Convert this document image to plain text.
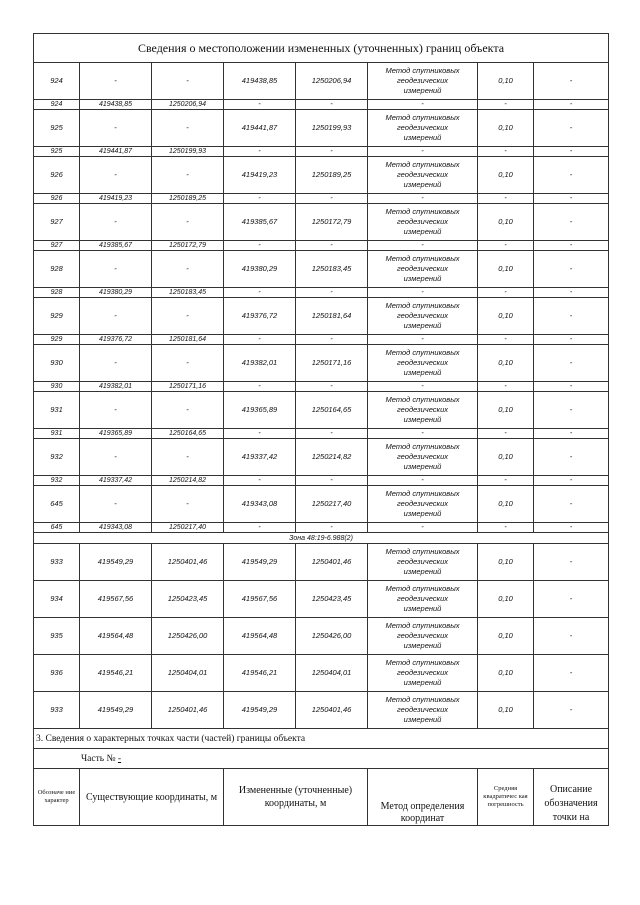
Сведения о местоположении измененных (уточненных) границ объекта							
924	-	-	419438,85	1250206,94	Метод спутниковых
геодезических
измерений	0,10	-
924	419438,85	1250206,94	-	-	-	-	-
925	-	-	419441,87	1250199,93	Метод спутниковых
геодезических
измерений	0,10	-
925	419441,87	1250199,93	-	-	-	-	-
926	-	-	419419,23	1250189,25	Метод спутниковых
геодезических
измерений	0,10	-
926	419419,23	1250189,25	-	-	-	-	-
927	-	-	419385,67	1250172,79	Метод спутниковых
геодезических
измерений	0,10	-
927	419385,67	1250172,79	-	-	-	-	-
928	-	-	419380,29	1250183,45	Метод спутниковых
геодезических
измерений	0,10	-
928	419380,29	1250183,45	-	-	-	-	-
929	-	-	419376,72	1250181,64	Метод спутниковых
геодезических
измерений	0,10	-
929	419376,72	1250181,64	-	-	-	-	-
930	-	-	419382,01	1250171,16	Метод спутниковых
геодезических
измерений	0,10	-
930	419382,01	1250171,16	-	-	-	-	-
931	-	-	419365,89	1250164,65	Метод спутниковых
геодезических
измерений	0,10	-
931	419365,89	1250164,65	-	-	-	-	-
932	-	-	419337,42	1250214,82	Метод спутниковых
геодезических
измерений	0,10	-
932	419337,42	1250214,82	-	-	-	-	-
645	-	-	419343,08	1250217,40	Метод спутниковых
геодезических
измерений	0,10	-
645	419343,08	1250217,40	-	-	-	-	-
Зона 48:19-6.988(2)							
933	419549,29	1250401,46	419549,29	1250401,46	Метод спутниковых
геодезических
измерений	0,10	-
934	419567,56	1250423,45	419567,56	1250423,45	Метод спутниковых
геодезических
измерений	0,10	-
935	419564,48	1250426,00	419564,48	1250426,00	Метод спутниковых
геодезических
измерений	0,10	-
936	419546,21	1250404,01	419546,21	1250404,01	Метод спутниковых
геодезических
измерений	0,10	-
933	419549,29	1250401,46	419549,29	1250401,46	Метод спутниковых
геодезических
измерений	0,10	-
3. Сведения о характерных точках части (частей) границы объекта							
Часть № -							
Обозначе ние характер	Существующие координаты, м		Измененные (уточненные) координаты, м		Метод определения координат	Средняя квадратичес кая погрешность	Описание обозначения точки на
